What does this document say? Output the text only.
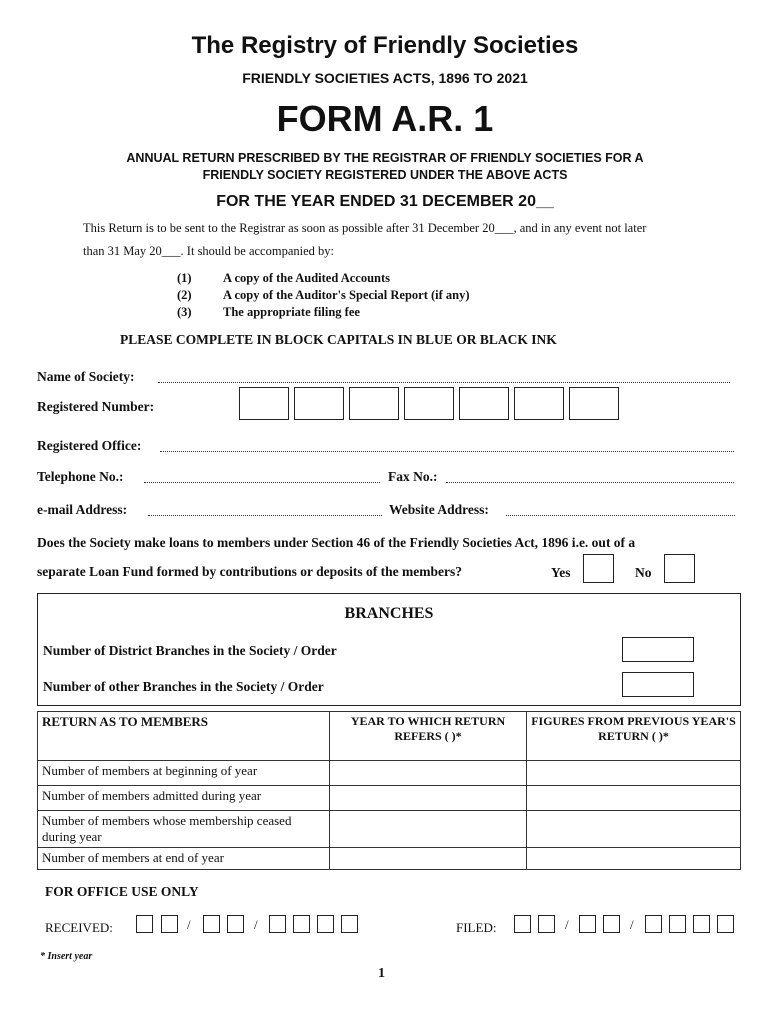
The Registry of Friendly Societies
FRIENDLY SOCIETIES ACTS, 1896 TO 2021
FORM A.R. 1
ANNUAL RETURN PRESCRIBED BY THE REGISTRAR OF FRIENDLY SOCIETIES FOR A
FRIENDLY SOCIETY REGISTERED UNDER THE ABOVE ACTS
FOR THE YEAR ENDED 31 DECEMBER 20__
This Return is to be sent to the Registrar as soon as possible after 31 December 20___, and in any event not later
than 31 May 20___. It should be accompanied by:
(1)	A copy of the Audited Accounts
(2)	A copy of the Auditor's Special Report (if any)
(3)	The appropriate filing fee
PLEASE COMPLETE IN BLOCK CAPITALS IN BLUE OR BLACK INK
Name of Society:
Registered Number:
Registered Office:
Telephone No.:	Fax No.:
e-mail Address:	Website Address:
Does the Society make loans to members under Section 46 of the Friendly Societies Act, 1896 i.e. out of a
separate Loan Fund formed by contributions or deposits of the members?	Yes	No
BRANCHES
Number of District Branches in the Society / Order
Number of other Branches in the Society / Order
RETURN AS TO MEMBERS	YEAR TO WHICH RETURN REFERS ( )*	FIGURES FROM PREVIOUS YEAR'S RETURN ( )*
Number of members at beginning of year		
Number of members admitted during year		
Number of members whose membership ceased during year		
Number of members at end of year		
FOR OFFICE USE ONLY
RECEIVED:	/	/	FILED:	/	/
* Insert year
1
